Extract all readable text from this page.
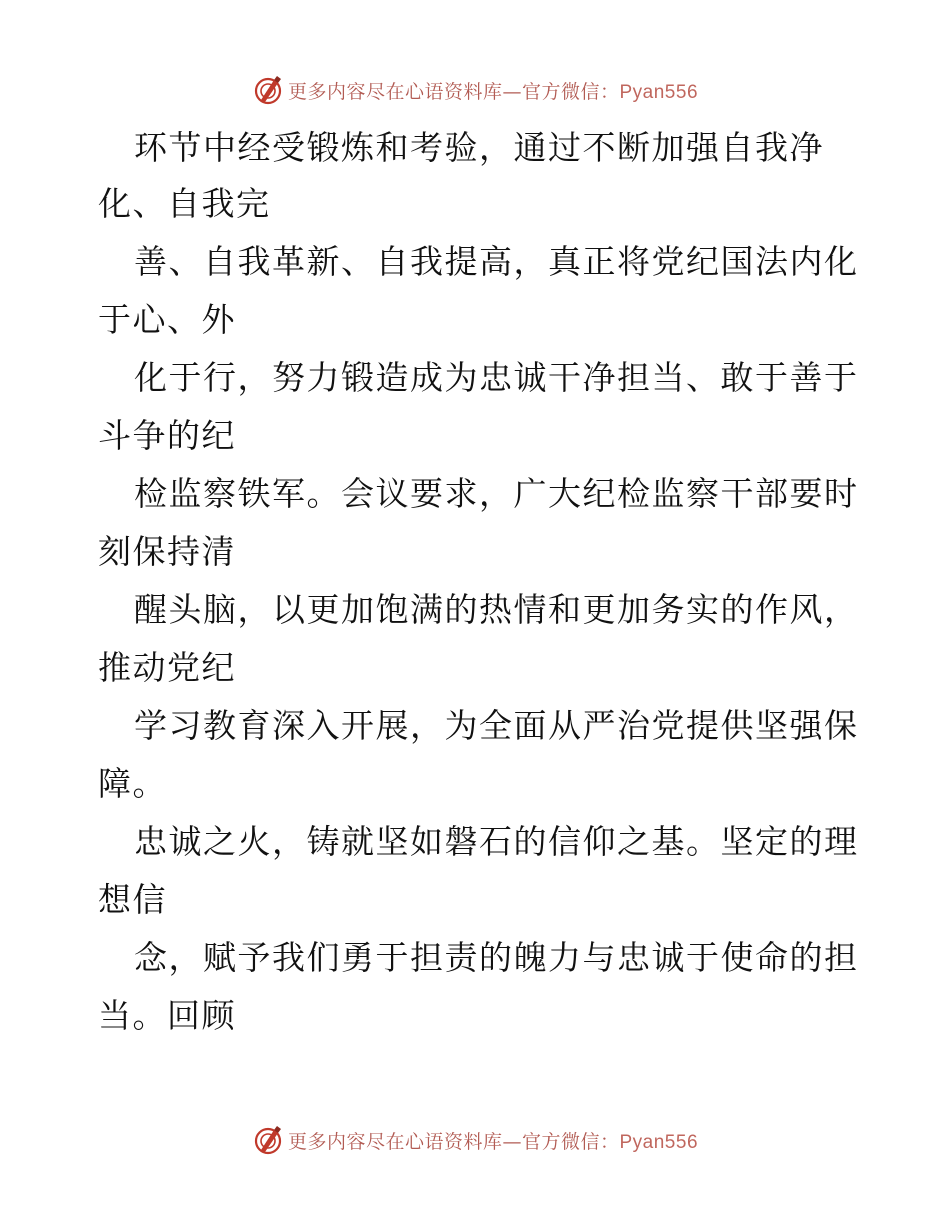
更多内容尽在心语资料库—官方微信：Pyan556
环节中经受锻炼和考验，通过不断加强自我净
化、自我完
善、自我革新、自我提高，真正将党纪国法内化
于心、外
化于行，努力锻造成为忠诚干净担当、敢于善于
斗争的纪
检监察铁军。会议要求，广大纪检监察干部要时
刻保持清
醒头脑，以更加饱满的热情和更加务实的作风，
推动党纪
学习教育深入开展，为全面从严治党提供坚强保
障。
忠诚之火，铸就坚如磐石的信仰之基。坚定的理
想信
念，赋予我们勇于担责的魄力与忠诚于使命的担
当。回顾
更多内容尽在心语资料库—官方微信：Pyan556
